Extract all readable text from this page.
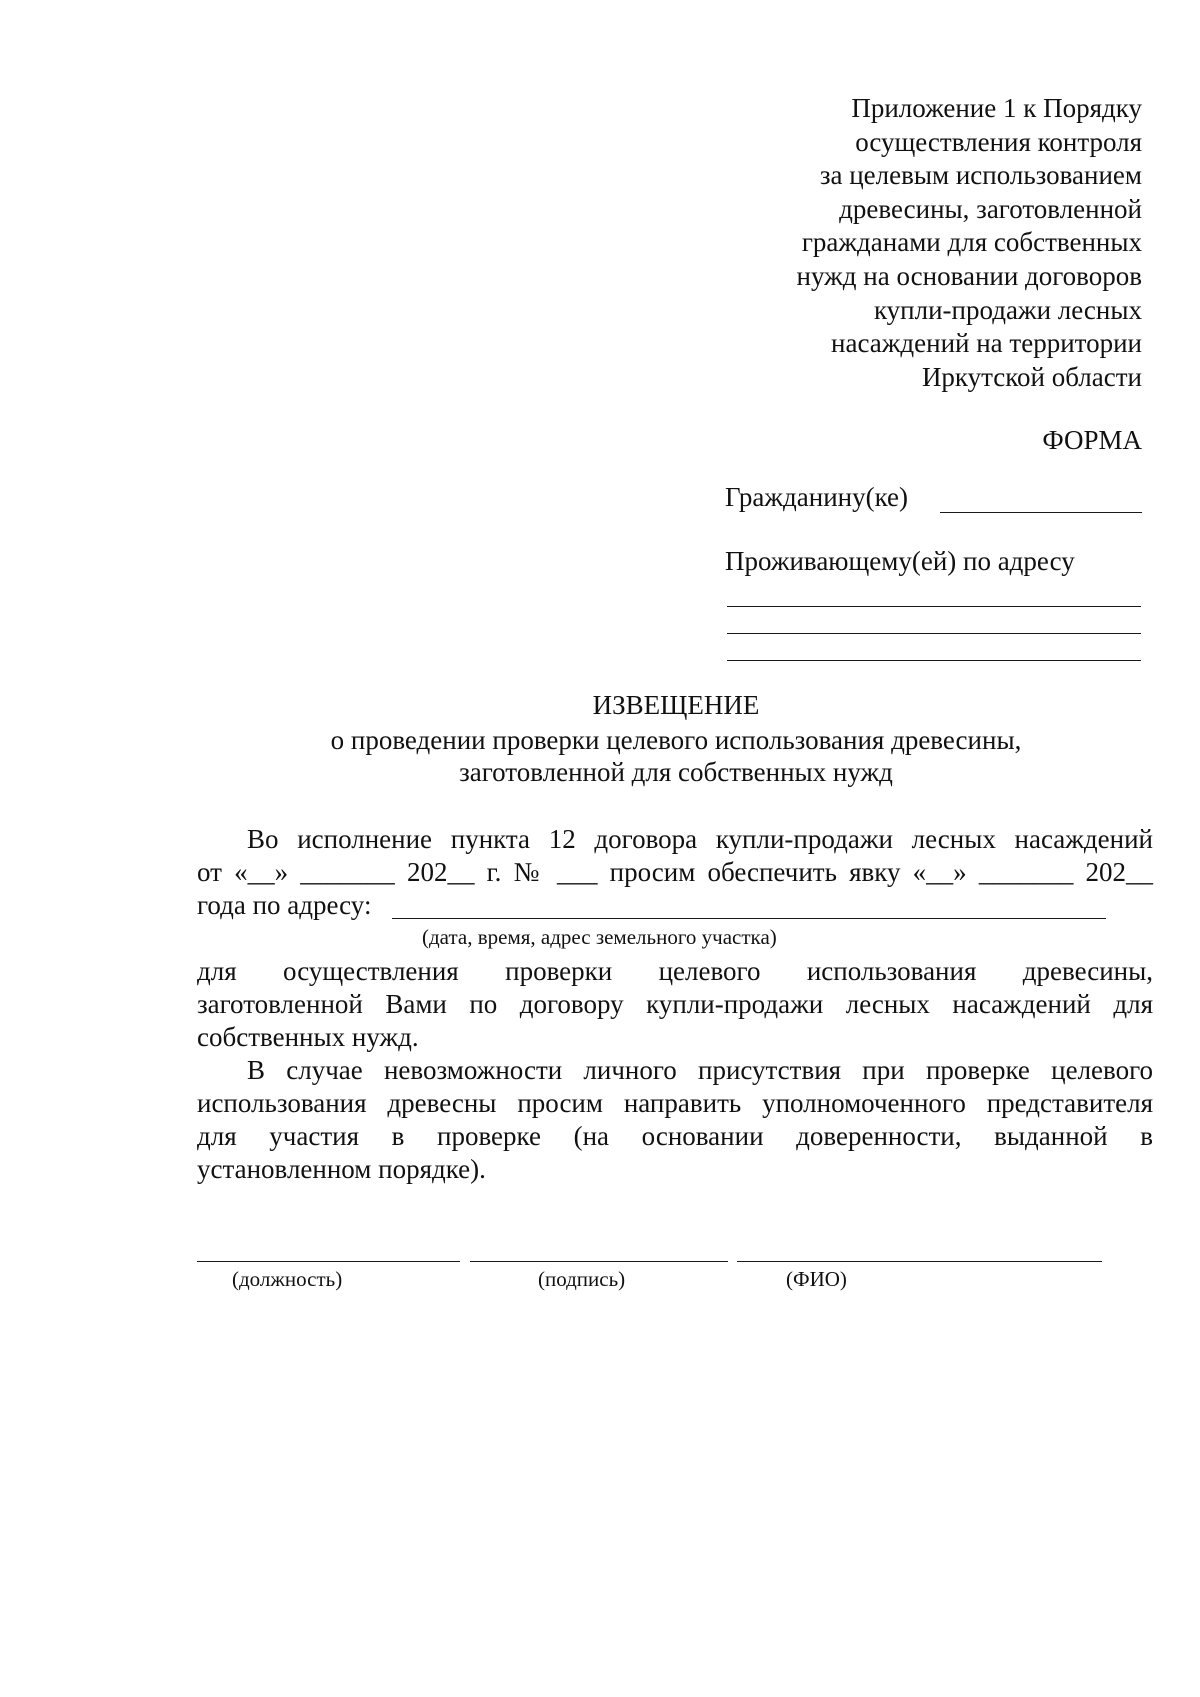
Приложение 1 к Порядку
осуществления контроля
за целевым использованием
древесины, заготовленной
гражданами для собственных
нужд на основании договоров
купли-продажи лесных
насаждений на территории
Иркутской области
ФОРМА
Гражданину(ке)
Проживающему(ей) по адресу
ИЗВЕЩЕНИЕ
о проведении проверки целевого использования древесины,
заготовленной для собственных нужд
Во исполнение пункта 12 договора купли-продажи лесных насаждений
от «__» _______ 202__ г. № ___ просим обеспечить явку «__» _______ 202__
года по адресу:
(дата, время, адрес земельного участка)
для осуществления проверки целевого использования древесины,
заготовленной Вами по договору купли-продажи лесных насаждений для
собственных нужд.
В случае невозможности личного присутствия при проверке целевого
использования древесны просим направить уполномоченного представителя
для участия в проверке (на основании доверенности, выданной в
установленном порядке).
(должность)	(подпись)	(ФИО)
